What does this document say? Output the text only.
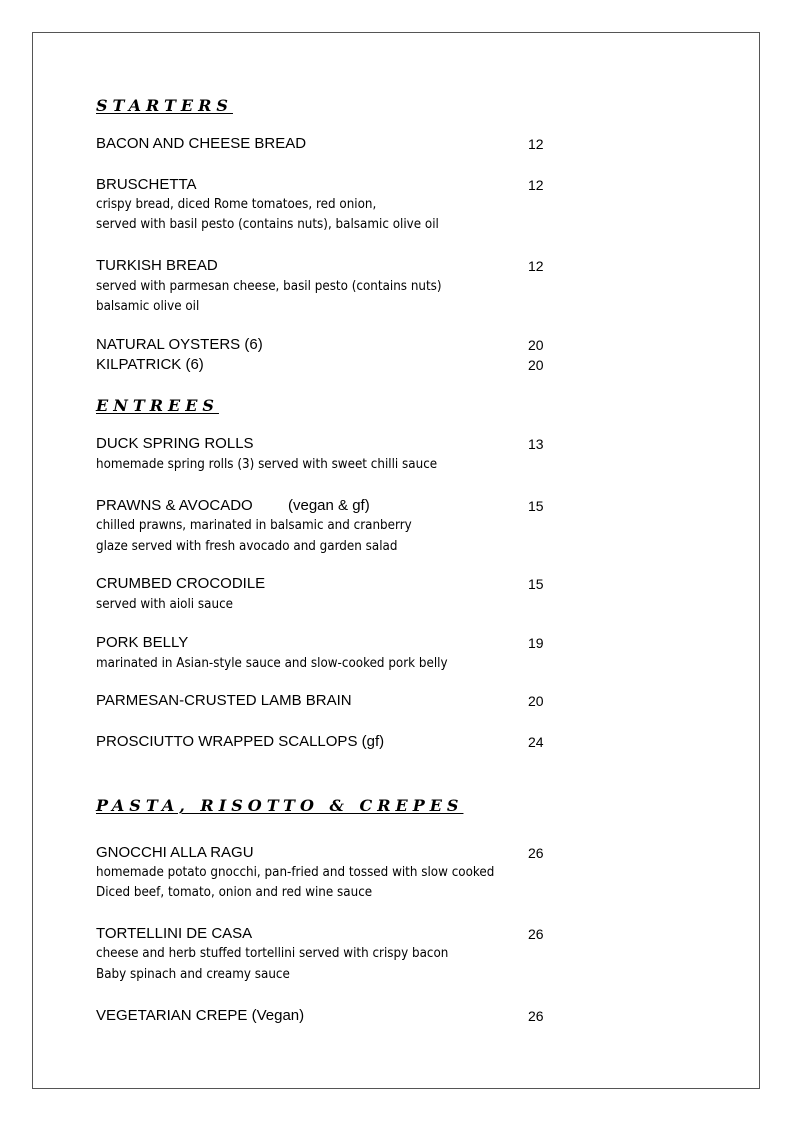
STARTERS
BACON AND CHEESE BREAD	12
BRUSCHETTA	12
crispy bread, diced Rome tomatoes, red onion,
served with basil pesto (contains nuts), balsamic olive oil
TURKISH BREAD	12
served with parmesan cheese, basil pesto (contains nuts)
balsamic olive oil
NATURAL OYSTERS (6)	20
KILPATRICK (6)	20
ENTREES
DUCK SPRING ROLLS	13
homemade spring rolls (3) served with sweet chilli sauce
PRAWNS & AVOCADO (vegan & gf)	15
chilled prawns, marinated in balsamic and cranberry
glaze served with fresh avocado and garden salad
CRUMBED CROCODILE	15
served with aioli sauce
PORK BELLY	19
marinated in Asian-style sauce and slow-cooked pork belly
PARMESAN-CRUSTED LAMB BRAIN	20
PROSCIUTTO WRAPPED SCALLOPS (gf)	24
PASTA, RISOTTO & CREPES
GNOCCHI ALLA RAGU	26
homemade potato gnocchi, pan-fried and tossed with slow cooked
Diced beef, tomato, onion and red wine sauce
TORTELLINI DE CASA	26
cheese and herb stuffed tortellini served with crispy bacon
Baby spinach and creamy sauce
VEGETARIAN CREPE (Vegan)	26
